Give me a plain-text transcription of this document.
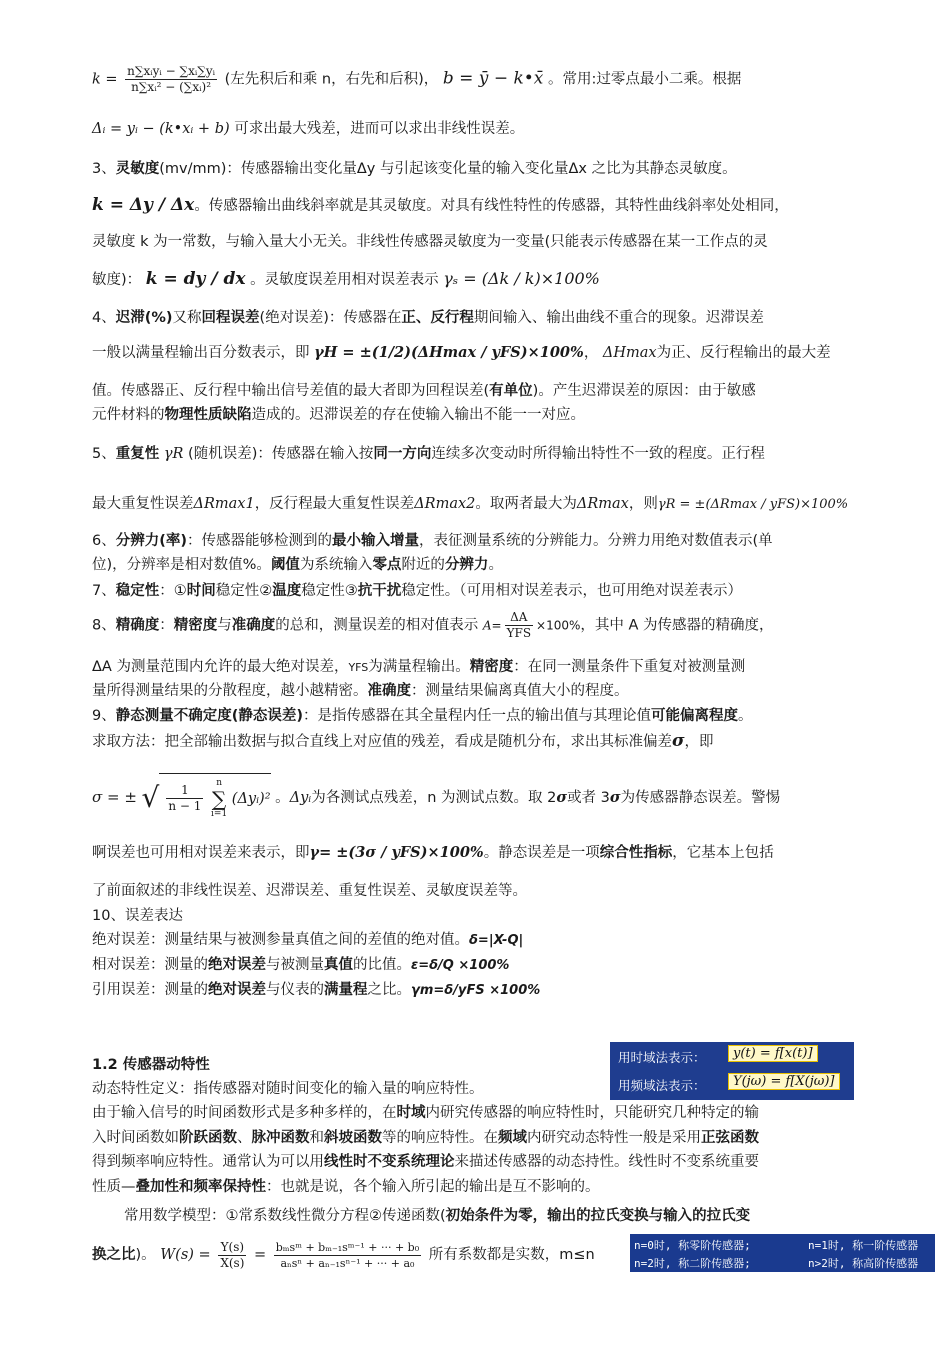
$k = \frac{\text{n∑xᵢyᵢ − ∑xᵢ∑yᵢ}}{\text{n∑xᵢ² − (∑xᵢ)²}}$ (左先积后和乘 n，右先和后积)， b = ȳ − k•x̄ 。常用:过零点最小二乘。根据
Δᵢ = yᵢ − (k•xᵢ + b) 可求出最大残差，进而可以求出非线性误差。
3、灵敏度(mv/mm)：传感器输出变化量Δy 与引起该变化量的输入变化量Δx 之比为其静态灵敏度。
k = Δy / Δx。传感器输出曲线斜率就是其灵敏度。对具有线性特性的传感器，其特性曲线斜率处处相同，
灵敏度 k 为一常数，与输入量大小无关。非线性传感器灵敏度为一变量(只能表示传感器在某一工作点的灵
敏度)： k = dy / dx 。灵敏度误差用相对误差表示 γₛ = (Δk / k)×100%
4、迟滞(%)又称回程误差(绝对误差)：传感器在正、反行程期间输入、输出曲线不重合的现象。迟滞误差
一般以满量程输出百分数表示，即 γH = ±(1/2)(ΔHmax / yFS)×100%， ΔHmax为正、反行程输出的最大差
值。传感器正、反行程中输出信号差值的最大者即为回程误差(有单位)。产生迟滞误差的原因：由于敏感
元件材料的物理性质缺陷造成的。迟滞误差的存在使输入输出不能一一对应。
5、重复性 γR (随机误差)：传感器在输入按同一方向连续多次变动时所得输出特性不一致的程度。正行程
最大重复性误差ΔRmax1，反行程最大重复性误差ΔRmax2。取两者最大为ΔRmax，则γR = ±(ΔRmax / yFS)×100%
6、分辨力(率)：传感器能够检测到的最小输入增量，表征测量系统的分辨能力。分辨力用绝对数值表示(单
位)，分辨率是相对数值%。阈值为系统输入零点附近的分辨力。
7、稳定性：①时间稳定性②温度稳定性③抗干扰稳定性。（可用相对误差表示，也可用绝对误差表示）
8、精确度：精密度与准确度的总和，测量误差的相对值表示 $A= \frac{\Delta A}{\text{YFS}} \times 100\%$，其中 A 为传感器的精确度，
ΔA 为测量范围内允许的最大绝对误差，YFS为满量程输出。精密度：在同一测量条件下重复对被测量测
量所得测量结果的分散程度，越小越精密。准确度：测量结果偏离真值大小的程度。
9、静态测量不确定度(静态误差)：是指传感器在其全量程内任一点的输出值与其理论值可能偏离程度。
求取方法：把全部输出数据与拟合直线上对应值的残差，看成是随机分布，求出其标准偏差σ，即
σ = ± √ $\frac{1}{n - 1}$

n
∑
i=1
(Δyᵢ)² 。Δyᵢ为各测试点残差，n 为测试点数。取 2σ或者 3σ为传感器静态误差。警惕
啊误差也可用相对误差来表示，即γ= ±(3σ / yFS)×100%。静态误差是一项综合性指标，它基本上包括
了前面叙述的非线性误差、迟滞误差、重复性误差、灵敏度误差等。
10、误差表达
绝对误差：测量结果与被测参量真值之间的差值的绝对值。δ=|X-Q|
相对误差：测量的绝对误差与被测量真值的比值。ε=δ/Q ×100%
引用误差：测量的绝对误差与仪表的满量程之比。γm=δ/yFS ×100%
1.2 传感器动特性
动态特性定义：指传感器对随时间变化的输入量的响应特性。
由于输入信号的时间函数形式是多种多样的，在时域内研究传感器的响应特性时，只能研究几种特定的输
入时间函数如阶跃函数、脉冲函数和斜坡函数等的响应特性。在频域内研究动态特性一般是采用正弦函数
得到频率响应特性。通常认为可以用线性时不变系统理论来描述传感器的动态持性。线性时不变系统重要
性质—叠加性和频率保持性：也就是说，各个输入所引起的输出是互不影响的。
常用数学模型：①常系数线性微分方程②传递函数(初始条件为零，输出的拉氏变换与输入的拉氏变
换之比)。 $W(s) = \frac{Y(s)}{X(s)} = \frac{\text{bₘsᵐ + bₘ₋₁sᵐ⁻¹ + ··· + b₀}}{\text{aₙsⁿ + aₙ₋₁sⁿ⁻¹ + ··· + a₀}}$ 所有系数都是实数，m≤n
用时域法表示：	y(t) = f[x(t)]
用频域法表示：	Y(jω) = f[X(jω)]
n=0时, 称零阶传感器;	n=1时, 称一阶传感器
n=2时, 称二阶传感器;	n>2时, 称高阶传感器
